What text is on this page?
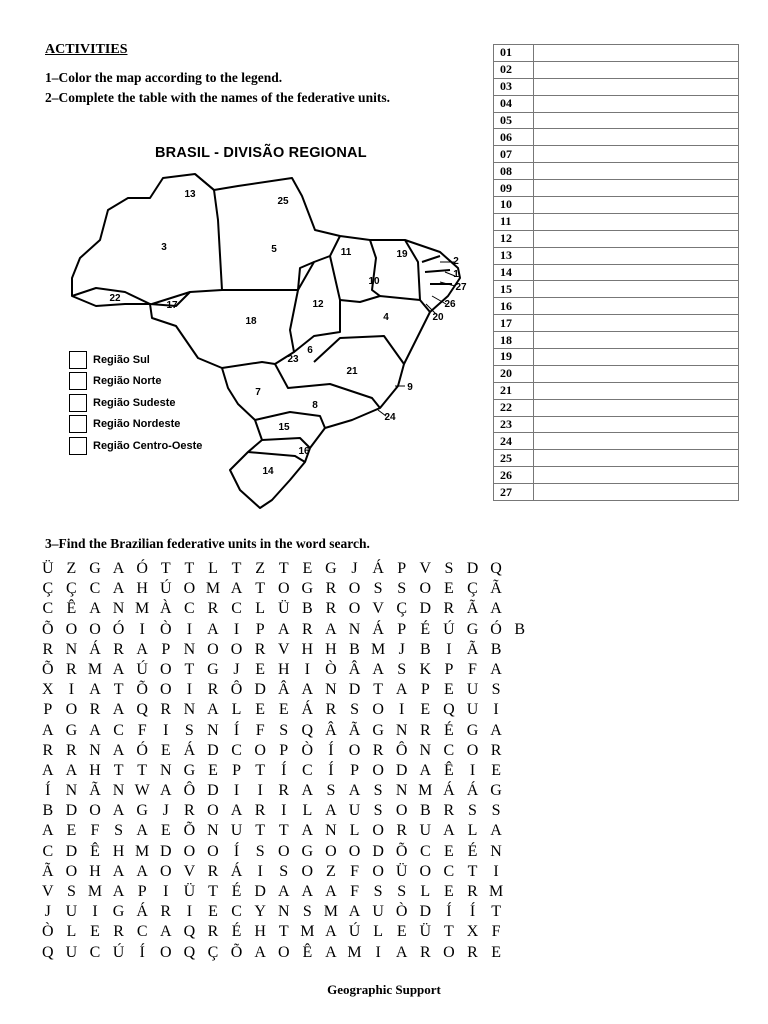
ACTIVITIES
1–Color the map according to the legend.
2–Complete the table with the names of the federative units.
3–Find the Brazilian federative units in the word search.
01	
02	
03	
04	
05	
06	
07	
08	
09	
10	
11	
12	
13	
14	
15	
16	
17	
18	
19	
20	
21	
22	
23	
24	
25	
26	
27	
BRASIL - DIVISÃO REGIONAL
1
2
3
4
5
6
7
8
9
10
11
12
13
14
15
16
17
18
19
20
21
22
23
24
25
26
27
Região Sul
Região Norte
Região Sudeste
Região Nordeste
Região Centro-Oeste
Ü Z G A Ó T T L T Z T E G J Á P V S D Q
Ç Ç C A H Ú O M A T O G R O S S O E Ç Ã
C Ê A N M À C R C L Ü B R O V Ç D R Ã A
Õ O O Ó I Ò I A I	P A R A N Á P É Ú G Ó B
R N Á R A P N O O R V H H B M J B I Ã B
Õ R M A Ú O T G J E H I Ò Â A S K P F A
X I A T Õ O I R Ô D Â A N D T A P E U S
P O R A Q R N A L E E Á R S O I	E Q U I
A G A C F	I	S N Í	F S Q Â Ã G N R É G A
R R N A Ó E Á D C O P Ò Í O R Ô N C O R
A A H T T N G E P T	Í C Í	P O D A Ê	I	E
Í N Ã N W A Ô D I	I R A S A S N M Á Á G
B D O A G J R O A R I	L A U S O B R S S
A E F S A E Õ N U T T A N L O R U A L A
C D Ê H M D O O Í	S O G O O D Õ C E É N
Ã O H A A O V R Á I	S O Z F O Ü O C T	I
V S M A P	I Ü T É D A A A F S S L E R M
J U I G Á R I	E C Y N S M A U Ò D Í	Í	T
Ò L E R C A Q R É H T M A Ú L E Ü T X F
Q U C Ú Í O Q Ç Õ A O Ê A M I A R O R E
Geographic Support
